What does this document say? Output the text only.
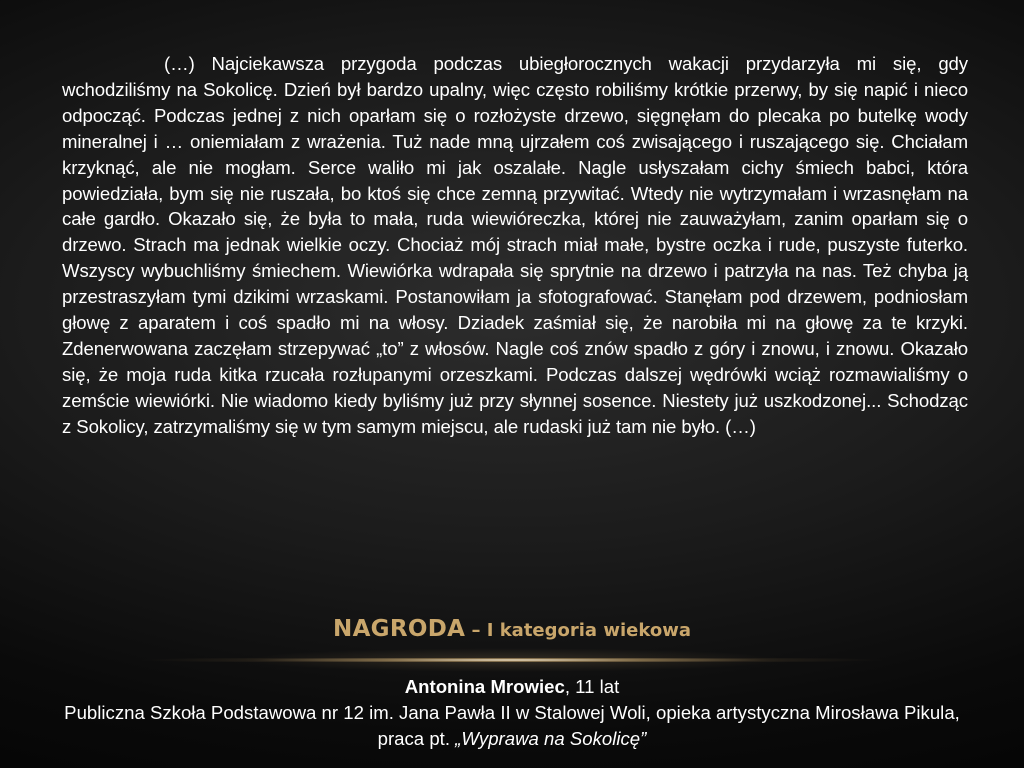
(…) Najciekawsza przygoda podczas ubiegłorocznych wakacji przydarzyła mi się, gdy wchodziliśmy na Sokolicę. Dzień był bardzo upalny, więc często robiliśmy krótkie przerwy, by się napić i nieco odpocząć. Podczas jednej z nich oparłam się o rozłożyste drzewo, sięgnęłam do plecaka po butelkę wody mineralnej i … oniemiałam z wrażenia. Tuż nade mną ujrzałem coś zwisającego i ruszającego się. Chciałam krzyknąć, ale nie mogłam. Serce waliło mi jak oszalałe. Nagle usłyszałam cichy śmiech babci, która powiedziała, bym się nie ruszała, bo ktoś się chce zemną przywitać. Wtedy nie wytrzymałam i wrzasnęłam na całe gardło. Okazało się, że była to mała, ruda wiewióreczka, której nie zauważyłam, zanim oparłam się o drzewo. Strach ma jednak wielkie oczy. Chociaż mój strach miał małe, bystre oczka i rude, puszyste futerko. Wszyscy wybuchliśmy śmiechem. Wiewiórka wdrapała się sprytnie na drzewo i patrzyła na nas. Też chyba ją przestraszyłam tymi dzikimi wrzaskami. Postanowiłam ja sfotografować. Stanęłam pod drzewem, podniosłam głowę z aparatem i coś spadło mi na włosy. Dziadek zaśmiał się, że narobiła mi na głowę za te krzyki. Zdenerwowana zaczęłam strzepywać „to” z włosów. Nagle coś znów spadło z góry i znowu, i znowu. Okazało się, że moja ruda kitka rzucała rozłupanymi orzeszkami. Podczas dalszej wędrówki wciąż rozmawialiśmy o zemście wiewiórki. Nie wiadomo kiedy byliśmy już przy słynnej sosence. Niestety już uszkodzonej... Schodząc z Sokolicy, zatrzymaliśmy się w tym samym miejscu, ale rudaski już tam nie było. (…)

NAGRODA – I kategoria wiekowa
Antonina Mrowiec, 11 lat
Publiczna Szkoła Podstawowa nr 12 im. Jana Pawła II w Stalowej Woli, opieka artystyczna Mirosława Pikula,
praca pt. „Wyprawa na Sokolicę”
